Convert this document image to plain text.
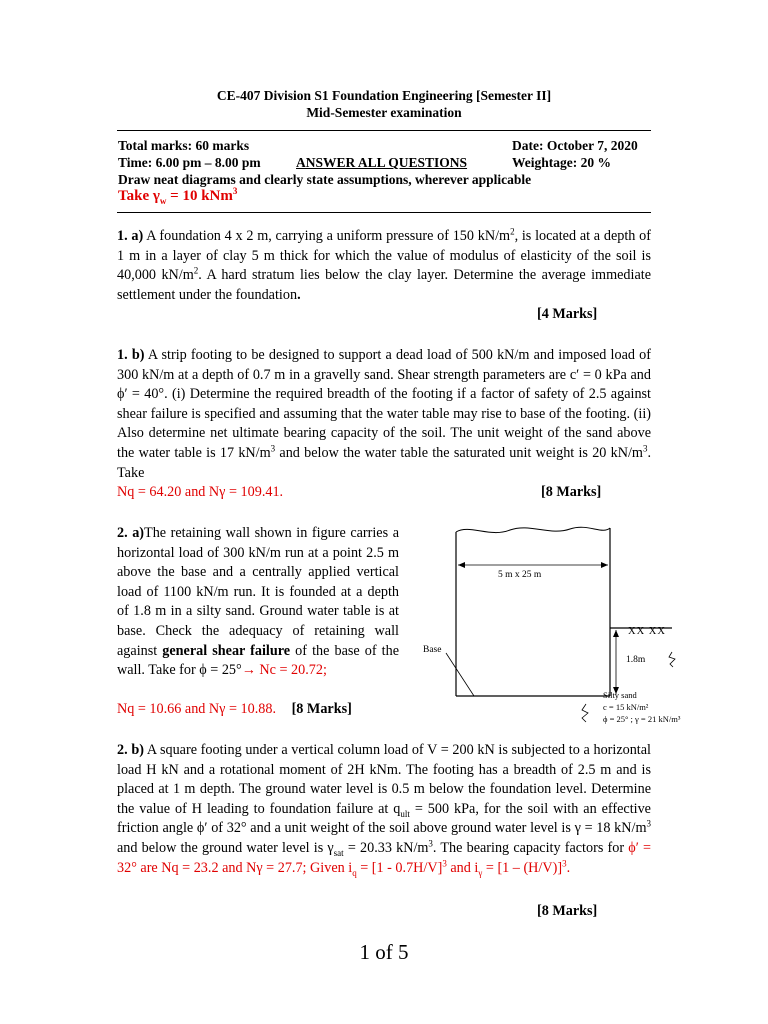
CE-407 Division S1 Foundation Engineering [Semester II]
Mid-Semester examination
Total marks: 60 marks	Date: October 7, 2020
Time: 6.00 pm – 8.00 pm	ANSWER ALL QUESTIONS	Weightage: 20 %
Draw neat diagrams and clearly state assumptions, wherever applicable
Take $\gamma_w = 10$ kNm$^3$
1. a) A foundation 4 x 2 m, carrying a uniform pressure of 150 $kN/m^2$, is located at a depth of 1 m in a layer of clay 5 m thick for which the value of modulus of elasticity of the soil is 40,000 $kN/m^2$. A hard stratum lies below the clay layer. Determine the average immediate settlement under the foundation.
[4 Marks]
1. b) A strip footing to be designed to support a dead load of 500 kN/m and imposed load of 300 kN/m at a depth of 0.7 m in a gravelly sand. Shear strength parameters are c′ = 0 kPa and ϕ′ = 40°. (i) Determine the required breadth of the footing if a factor of safety of 2.5 against shear failure is specified and assuming that the water table may rise to base of the footing. (ii) Also determine net ultimate bearing capacity of the soil. The unit weight of the sand above the water table is 17 $kN/m^3$ and below the water table the saturated unit weight is 20 $kN/m^3$. Take
Nq = 64.20 and Nγ = 109.41.	[8 Marks]
2. a)The retaining wall shown in figure carries a horizontal load of 300 kN/m run at a point 2.5 m above the base and a centrally applied vertical load of 1100 kN/m run. It is founded at a depth of 1.8 m in a silty sand. Ground water table is at base. Check the adequacy of retaining wall against general shear failure of the base of the wall. Take for ϕ = 25°→ Nc = 20.72;
Nq = 10.66 and Nγ = 10.88. [8 Marks]
5 m x 25 m
XX XX
Base
1.8m
Silty sand
c = 15 kN/m²
ϕ = 25° ; γ = 21 kN/m³
2. b) A square footing under a vertical column load of V = 200 kN is subjected to a horizontal load H kN and a rotational moment of 2H kNm. The footing has a breadth of 2.5 m and is placed at 1 m depth. The ground water level is 0.5 m below the foundation level. Determine the value of H leading to foundation failure at $q_{ult} = 500$ kPa, for the soil with an effective friction angle ϕ′ of 32° and a unit weight of the soil above ground water level is γ = 18 $kN/m^3$ and below the ground water level is $\gamma_{sat} = 20.33$ $kN/m^3$. The bearing capacity factors for ϕ′ = 32° are Nq = 23.2 and Nγ = 27.7; Given $i_q = [1 - 0.7H/V]^3$ and $i_\gamma = [1 - (H/V)]^3$.
[8 Marks]
1 of 5
